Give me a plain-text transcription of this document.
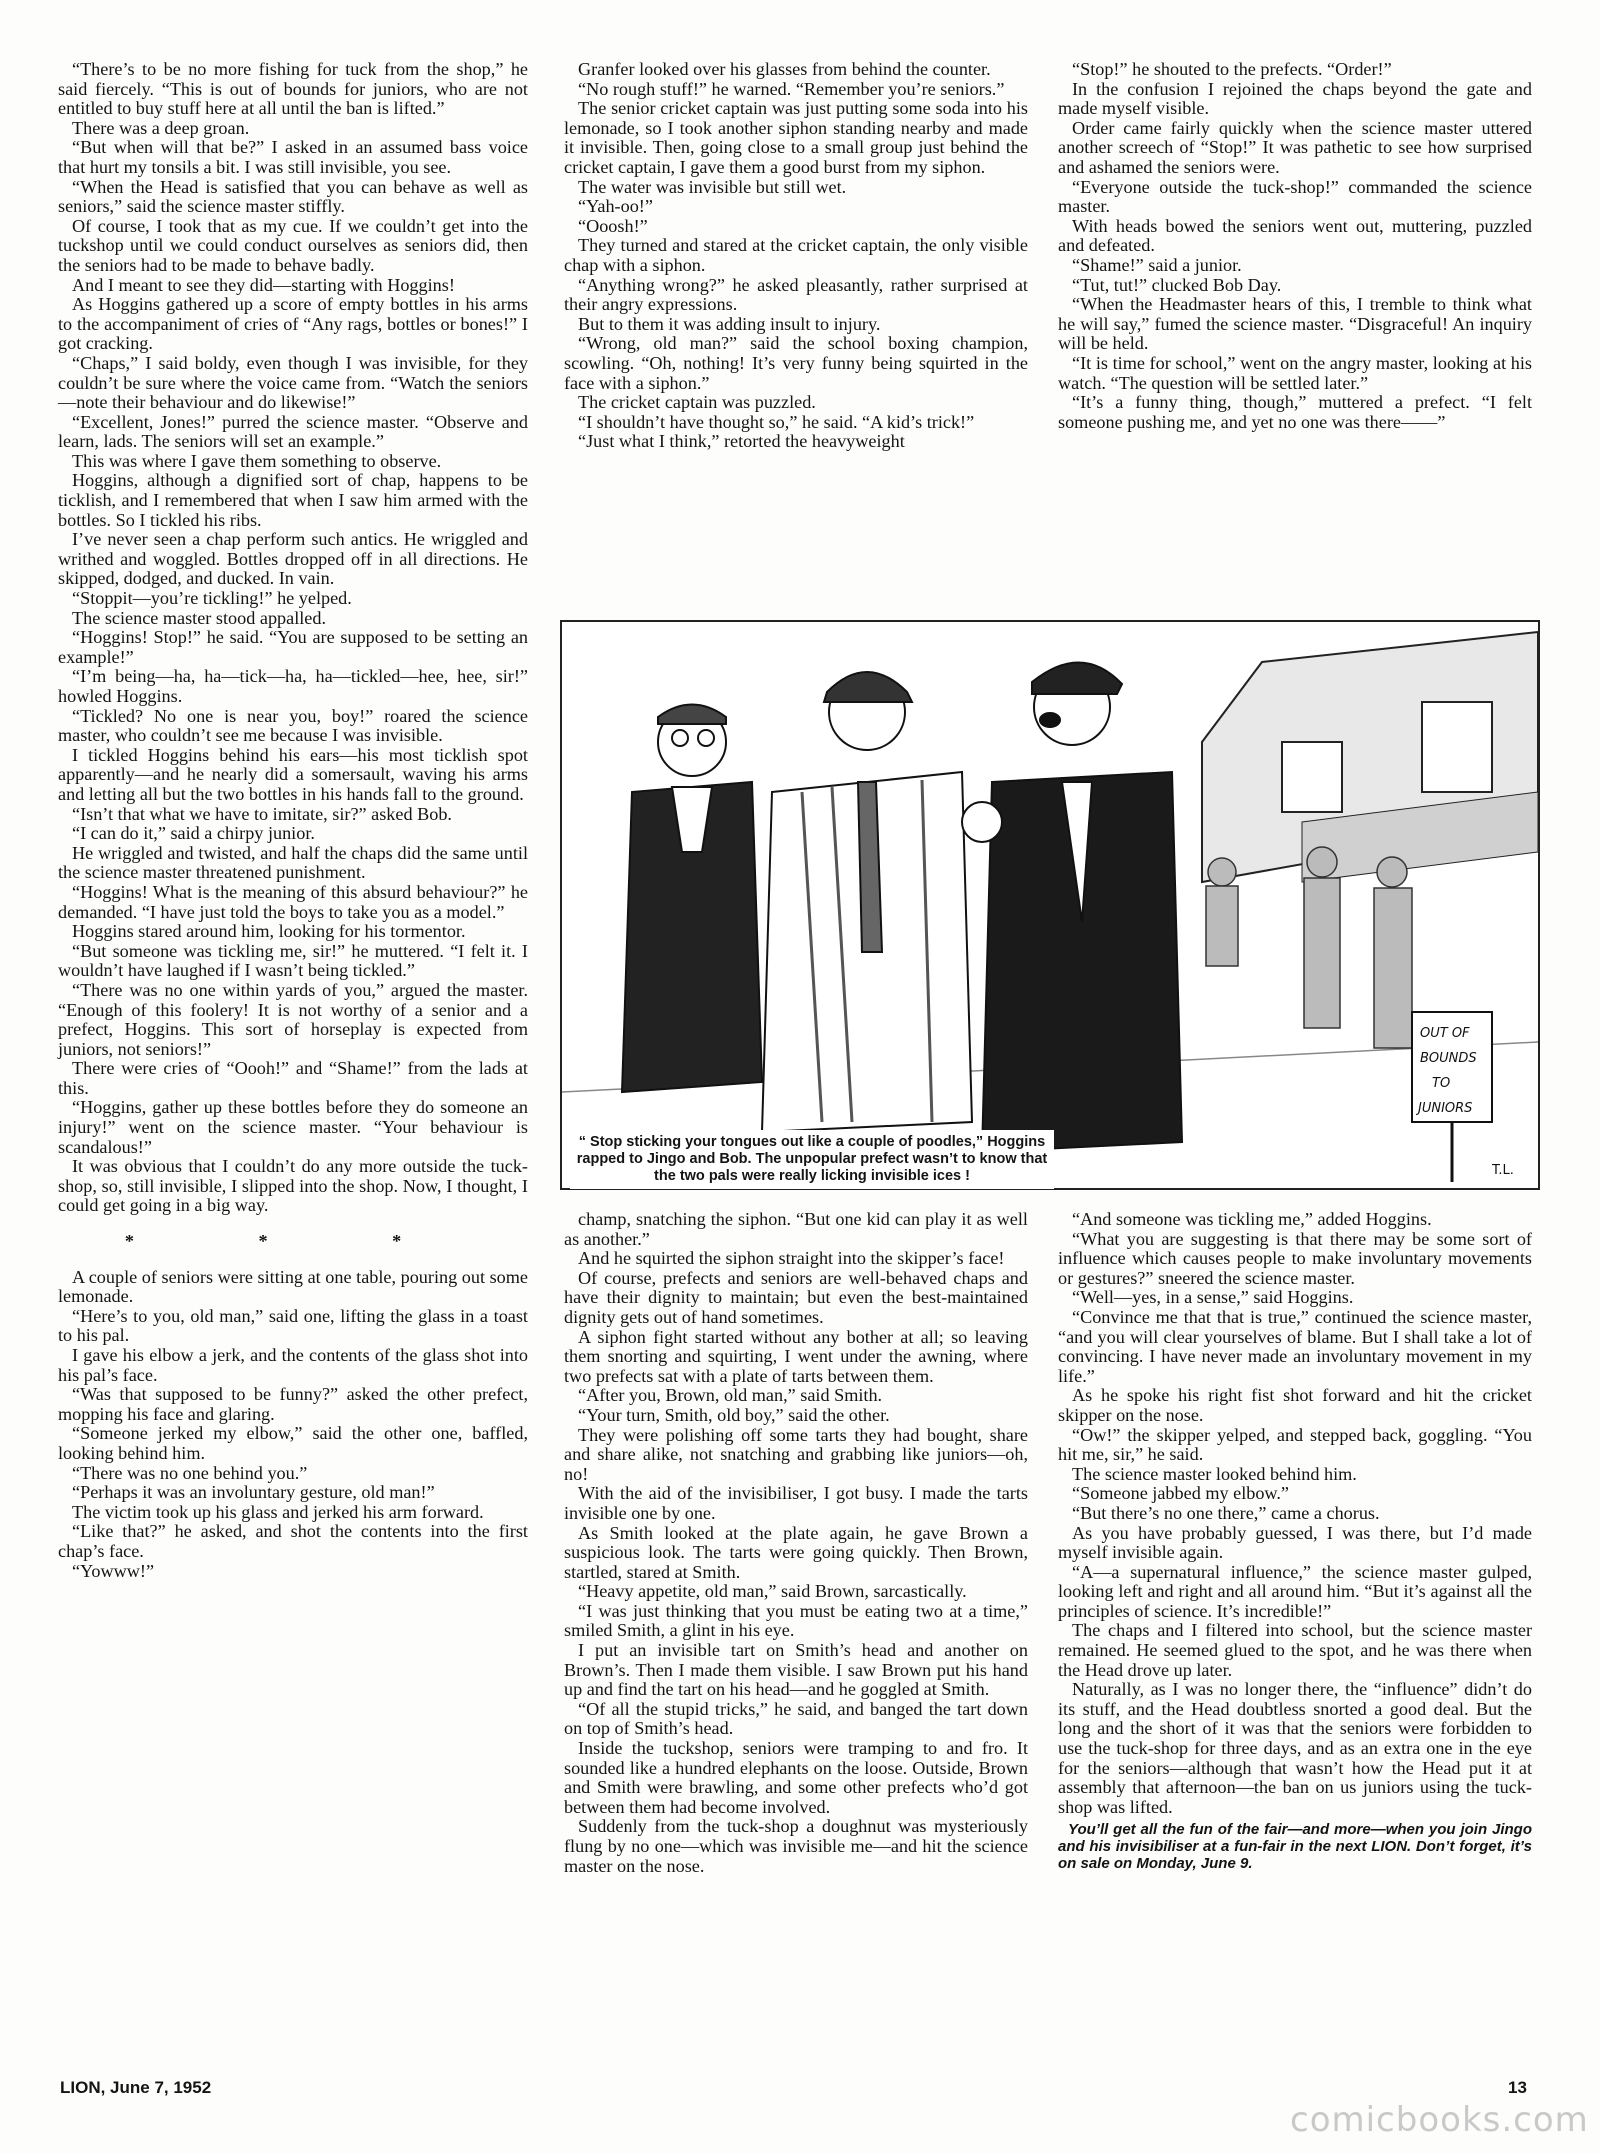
“There’s to be no more fishing for tuck from the shop,” he said fiercely. “This is out of bounds for juniors, who are not entitled to buy stuff here at all until the ban is lifted.”

There was a deep groan.

“But when will that be?” I asked in an assumed bass voice that hurt my tonsils a bit. I was still invisible, you see.

“When the Head is satisfied that you can behave as well as seniors,” said the science master stiffly.

Of course, I took that as my cue. If we couldn’t get into the tuckshop until we could conduct ourselves as seniors did, then the seniors had to be made to behave badly.

And I meant to see they did—starting with Hoggins!

As Hoggins gathered up a score of empty bottles in his arms to the accompaniment of cries of “Any rags, bottles or bones!” I got cracking.

“Chaps,” I said boldy, even though I was invisible, for they couldn’t be sure where the voice came from. “Watch the seniors—note their behaviour and do likewise!”

“Excellent, Jones!” purred the science master. “Observe and learn, lads. The seniors will set an example.”

This was where I gave them something to observe.

Hoggins, although a dignified sort of chap, happens to be ticklish, and I remembered that when I saw him armed with the bottles. So I tickled his ribs.

I’ve never seen a chap perform such antics. He wriggled and writhed and woggled. Bottles dropped off in all directions. He skipped, dodged, and ducked. In vain.

“Stoppit—you’re tickling!” he yelped.

The science master stood appalled.

“Hoggins! Stop!” he said. “You are supposed to be setting an example!”

“I’m being—ha, ha—tick—ha, ha—tickled—hee, hee, sir!” howled Hoggins.

“Tickled? No one is near you, boy!” roared the science master, who couldn’t see me because I was invisible.

I tickled Hoggins behind his ears—his most ticklish spot apparently—and he nearly did a somersault, waving his arms and letting all but the two bottles in his hands fall to the ground.

“Isn’t that what we have to imitate, sir?” asked Bob.

“I can do it,” said a chirpy junior.

He wriggled and twisted, and half the chaps did the same until the science master threatened punishment.

“Hoggins! What is the meaning of this absurd behaviour?” he demanded. “I have just told the boys to take you as a model.”

Hoggins stared around him, looking for his tormentor.

“But someone was tickling me, sir!” he muttered. “I felt it. I wouldn’t have laughed if I wasn’t being tickled.”

“There was no one within yards of you,” argued the master. “Enough of this foolery! It is not worthy of a senior and a prefect, Hoggins. This sort of horseplay is expected from juniors, not seniors!”

There were cries of “Oooh!” and “Shame!” from the lads at this.

“Hoggins, gather up these bottles before they do someone an injury!” went on the science master. “Your behaviour is scandalous!”

It was obvious that I couldn’t do any more outside the tuck-shop, so, still invisible, I slipped into the shop. Now, I thought, I could get going in a big way.

* * *

A couple of seniors were sitting at one table, pouring out some lemonade.

“Here’s to you, old man,” said one, lifting the glass in a toast to his pal.

I gave his elbow a jerk, and the contents of the glass shot into his pal’s face.

“Was that supposed to be funny?” asked the other prefect, mopping his face and glaring.

“Someone jerked my elbow,” said the other one, baffled, looking behind him.

“There was no one behind you.”

“Perhaps it was an involuntary gesture, old man!”

The victim took up his glass and jerked his arm forward.

“Like that?” he asked, and shot the contents into the first chap’s face.

“Yowww!”

Granfer looked over his glasses from behind the counter.

“No rough stuff!” he warned. “Remember you’re seniors.”

The senior cricket captain was just putting some soda into his lemonade, so I took another siphon standing nearby and made it invisible. Then, going close to a small group just behind the cricket captain, I gave them a good burst from my siphon.

The water was invisible but still wet.

“Yah-oo!”

“Ooosh!”

They turned and stared at the cricket captain, the only visible chap with a siphon.

“Anything wrong?” he asked pleasantly, rather surprised at their angry expressions.

But to them it was adding insult to injury.

“Wrong, old man?” said the school boxing champion, scowling. “Oh, nothing! It’s very funny being squirted in the face with a siphon.”

The cricket captain was puzzled.

“I shouldn’t have thought so,” he said. “A kid’s trick!”

“Just what I think,” retorted the heavyweight

“Stop!” he shouted to the prefects. “Order!”

In the confusion I rejoined the chaps beyond the gate and made myself visible.

Order came fairly quickly when the science master uttered another screech of “Stop!” It was pathetic to see how surprised and ashamed the seniors were.

“Everyone outside the tuck-shop!” commanded the science master.

With heads bowed the seniors went out, muttering, puzzled and defeated.

“Shame!” said a junior.

“Tut, tut!” clucked Bob Day.

“When the Headmaster hears of this, I tremble to think what he will say,” fumed the science master. “Disgraceful! An inquiry will be held.

“It is time for school,” went on the angry master, looking at his watch. “The question will be settled later.”

“It’s a funny thing, though,” muttered a prefect. “I felt someone pushing me, and yet no one was there——”

OUT OF
BOUNDS
TO
JUNIORS
T.L.
“ Stop sticking your tongues out like a couple of poodles,” Hoggins rapped to Jingo and Bob. The unpopular prefect wasn’t to know that the two pals were really licking invisible ices !

champ, snatching the siphon. “But one kid can play it as well as another.”

And he squirted the siphon straight into the skipper’s face!

Of course, prefects and seniors are well-behaved chaps and have their dignity to maintain; but even the best-maintained dignity gets out of hand sometimes.

A siphon fight started without any bother at all; so leaving them snorting and squirting, I went under the awning, where two prefects sat with a plate of tarts between them.

“After you, Brown, old man,” said Smith.

“Your turn, Smith, old boy,” said the other.

They were polishing off some tarts they had bought, share and share alike, not snatching and grabbing like juniors—oh, no!

With the aid of the invisibiliser, I got busy. I made the tarts invisible one by one.

As Smith looked at the plate again, he gave Brown a suspicious look. The tarts were going quickly. Then Brown, startled, stared at Smith.

“Heavy appetite, old man,” said Brown, sarcastically.

“I was just thinking that you must be eating two at a time,” smiled Smith, a glint in his eye.

I put an invisible tart on Smith’s head and another on Brown’s. Then I made them visible. I saw Brown put his hand up and find the tart on his head—and he goggled at Smith.

“Of all the stupid tricks,” he said, and banged the tart down on top of Smith’s head.

Inside the tuckshop, seniors were tramping to and fro. It sounded like a hundred elephants on the loose. Outside, Brown and Smith were brawling, and some other prefects who’d got between them had become involved.

Suddenly from the tuck-shop a doughnut was mysteriously flung by no one—which was invisible me—and hit the science master on the nose.

“And someone was tickling me,” added Hoggins.

“What you are suggesting is that there may be some sort of influence which causes people to make involuntary movements or gestures?” sneered the science master.

“Well—yes, in a sense,” said Hoggins.

“Convince me that that is true,” continued the science master, “and you will clear yourselves of blame. But I shall take a lot of convincing. I have never made an involuntary movement in my life.”

As he spoke his right fist shot forward and hit the cricket skipper on the nose.

“Ow!” the skipper yelped, and stepped back, goggling. “You hit me, sir,” he said.

The science master looked behind him.

“Someone jabbed my elbow.”

“But there’s no one there,” came a chorus.

As you have probably guessed, I was there, but I’d made myself invisible again.

“A—a supernatural influence,” the science master gulped, looking left and right and all around him. “But it’s against all the principles of science. It’s incredible!”

The chaps and I filtered into school, but the science master remained. He seemed glued to the spot, and he was there when the Head drove up later.

Naturally, as I was no longer there, the “influence” didn’t do its stuff, and the Head doubtless snorted a good deal. But the long and the short of it was that the seniors were forbidden to use the tuck-shop for three days, and as an extra one in the eye for the seniors—although that wasn’t how the Head put it at assembly that afternoon—the ban on us juniors using the tuck-shop was lifted.

You’ll get all the fun of the fair—and more—when you join Jingo and his invisibiliser at a fun-fair in the next LION. Don’t forget, it’s on sale on Monday, June 9.

LION, June 7, 1952	13
comicbooks.com
